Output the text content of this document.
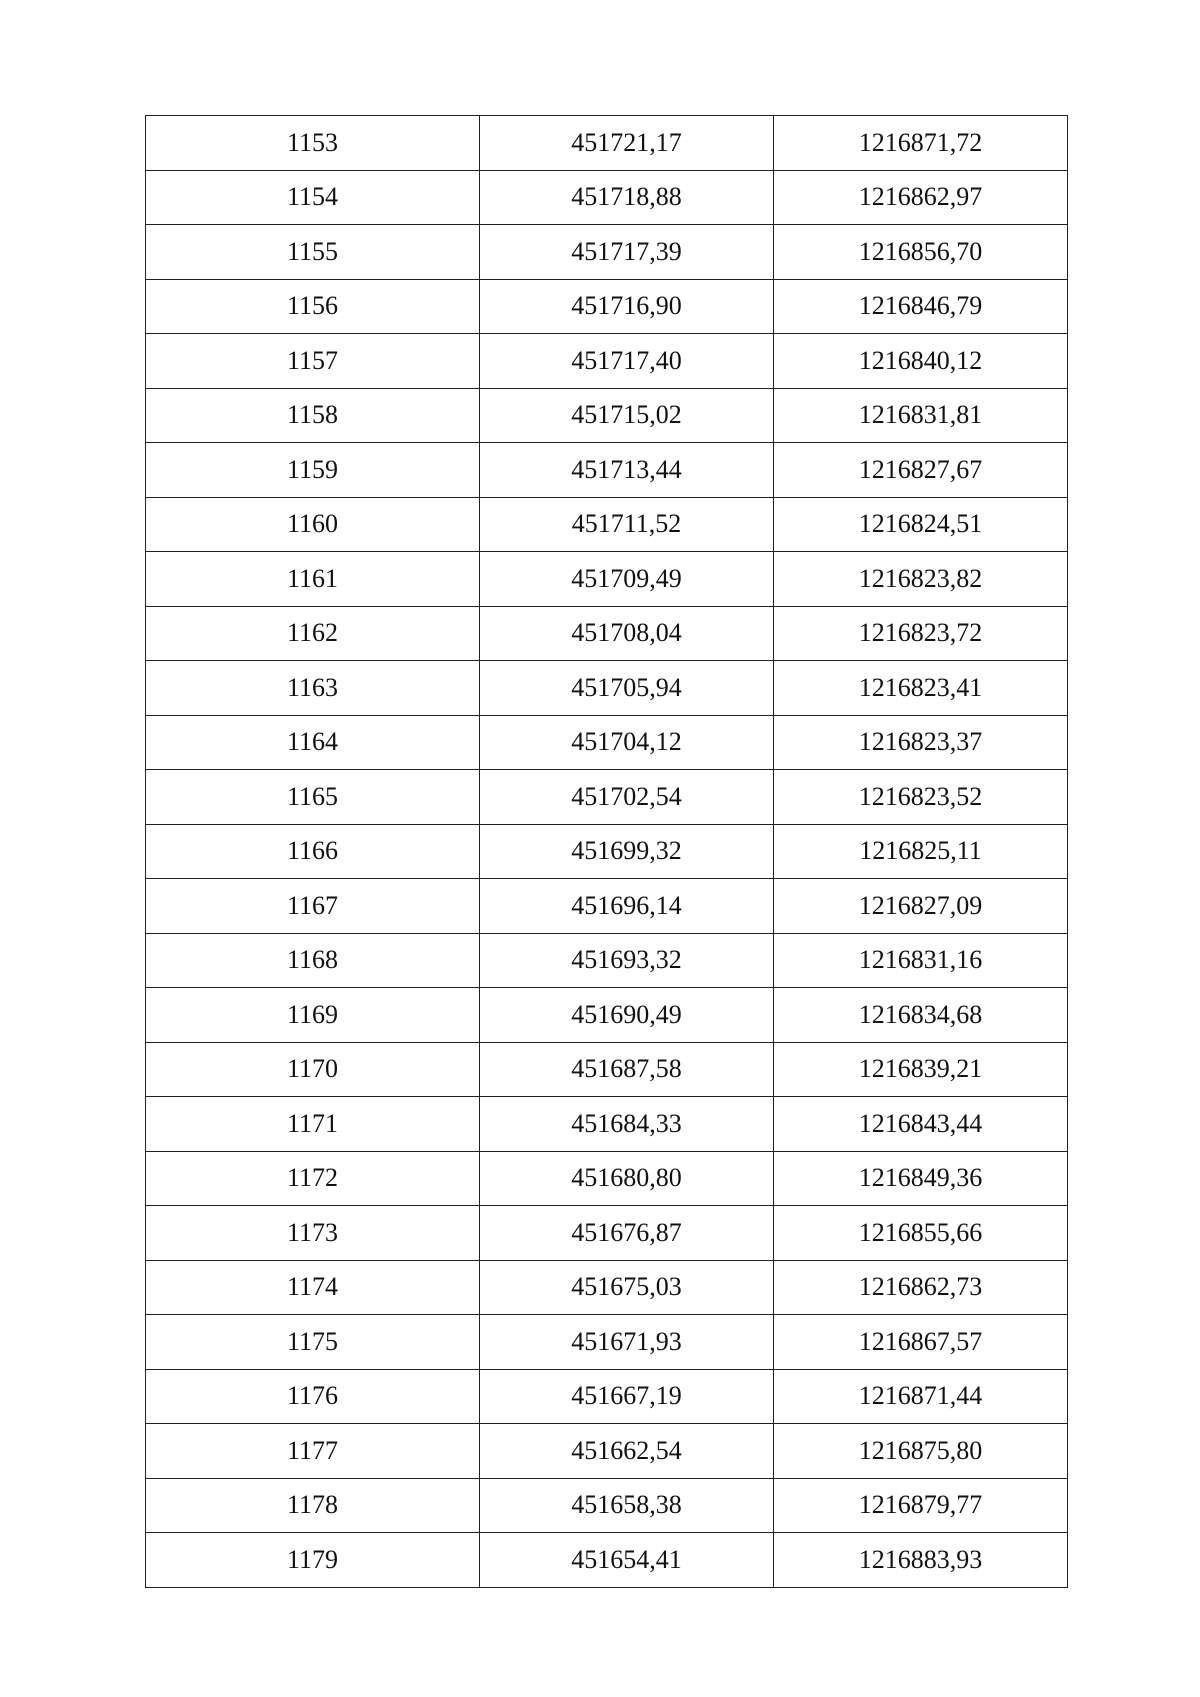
1153	451721,17	1216871,72
1154	451718,88	1216862,97
1155	451717,39	1216856,70
1156	451716,90	1216846,79
1157	451717,40	1216840,12
1158	451715,02	1216831,81
1159	451713,44	1216827,67
1160	451711,52	1216824,51
1161	451709,49	1216823,82
1162	451708,04	1216823,72
1163	451705,94	1216823,41
1164	451704,12	1216823,37
1165	451702,54	1216823,52
1166	451699,32	1216825,11
1167	451696,14	1216827,09
1168	451693,32	1216831,16
1169	451690,49	1216834,68
1170	451687,58	1216839,21
1171	451684,33	1216843,44
1172	451680,80	1216849,36
1173	451676,87	1216855,66
1174	451675,03	1216862,73
1175	451671,93	1216867,57
1176	451667,19	1216871,44
1177	451662,54	1216875,80
1178	451658,38	1216879,77
1179	451654,41	1216883,93
